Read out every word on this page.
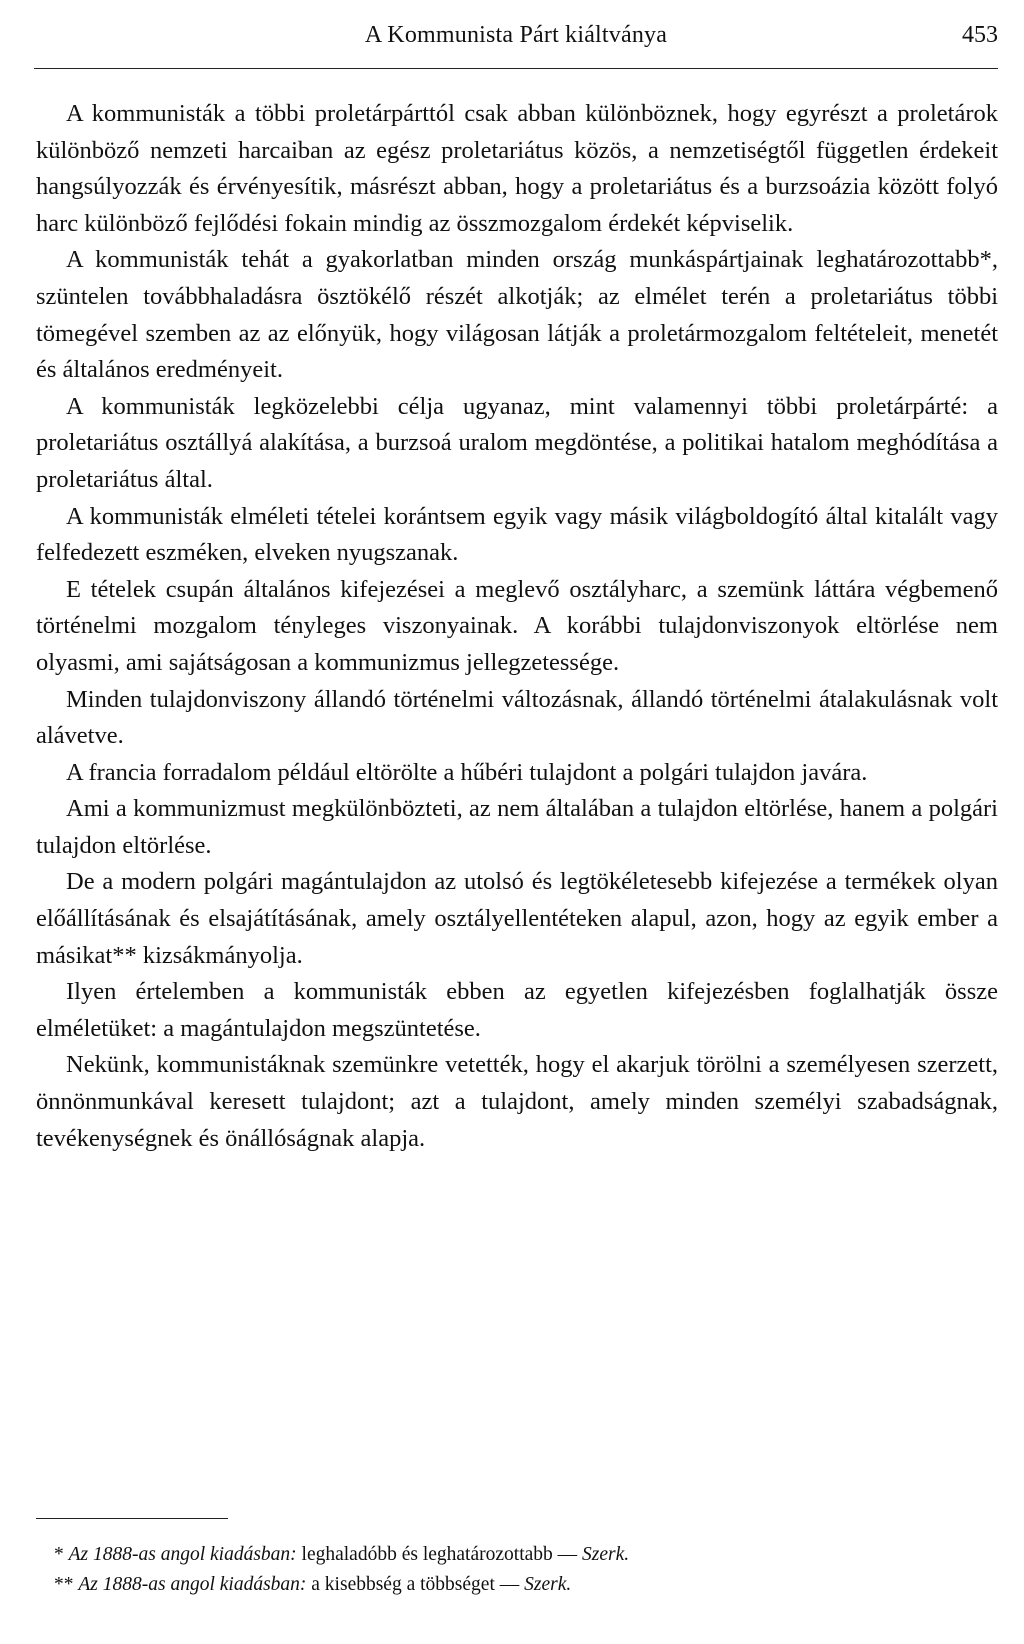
A Kommunista Párt kiáltványa	453

A kommunisták a többi proletárpárttól csak abban különböznek, hogy egyrészt a proletárok különböző nemzeti harcaiban az egész proletariátus közös, a nemzetiségtől független érdekeit hangsúlyozzák és érvényesítik, másrészt abban, hogy a proletariátus és a burzsoázia között folyó harc különböző fejlődési fokain mindig az összmozgalom érdekét képviselik.

A kommunisták tehát a gyakorlatban minden ország munkáspártjainak leghatározottabb*, szüntelen továbbhaladásra ösztökélő részét alkotják; az elmélet terén a proletariátus többi tömegével szemben az az előnyük, hogy világosan látják a proletármozgalom feltételeit, menetét és általános eredményeit.

A kommunisták legközelebbi célja ugyanaz, mint valamennyi többi proletárpárté: a proletariátus osztállyá alakítása, a burzsoá uralom megdöntése, a politikai hatalom meghódítása a proletariátus által.

A kommunisták elméleti tételei korántsem egyik vagy másik világboldogító által kitalált vagy felfedezett eszméken, elveken nyugszanak.

E tételek csupán általános kifejezései a meglevő osztályharc, a szemünk láttára végbemenő történelmi mozgalom tényleges viszonyainak. A korábbi tulajdonviszonyok eltörlése nem olyasmi, ami sajátságosan a kommunizmus jellegzetessége.

Minden tulajdonviszony állandó történelmi változásnak, állandó történelmi átalakulásnak volt alávetve.

A francia forradalom például eltörölte a hűbéri tulajdont a polgári tulajdon javára.

Ami a kommunizmust megkülönbözteti, az nem általában a tulajdon eltörlése, hanem a polgári tulajdon eltörlése.

De a modern polgári magántulajdon az utolsó és legtökéletesebb kifejezése a termékek olyan előállításának és elsajátításának, amely osztályellentéteken alapul, azon, hogy az egyik ember a másikat** kizsákmányolja.

Ilyen értelemben a kommunisták ebben az egyetlen kifejezésben foglalhatják össze elméletüket: a magántulajdon megszüntetése.

Nekünk, kommunistáknak szemünkre vetették, hogy el akarjuk törölni a személyesen szerzett, önnönmunkával keresett tulajdont; azt a tulajdont, amely minden személyi szabadságnak, tevékenységnek és önállóságnak alapja.

* Az 1888-as angol kiadásban: leghaladóbb és leghatározottabb — Szerk.

** Az 1888-as angol kiadásban: a kisebbség a többséget — Szerk.
